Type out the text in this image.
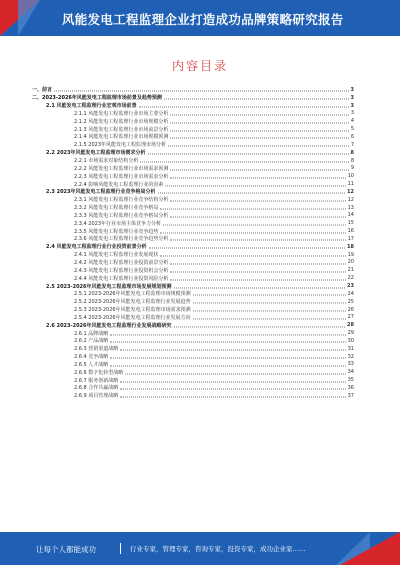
风能发电工程监理企业打造成功品牌策略研究报告
内容目录
一、前言	3
二、2023-2026年风能发电工程监理市场前景及趋势预测	3
2.1 风能发电工程监理行业宏观市场前景	3
2.1.1 风能发电工程监理行业市场主要分析	3
2.1.2 风能发电工程监理行业市场规模分析	4
2.1.3 风能发电工程监理行业市场前景分析	5
2.1.4 风能发电工程监理行业市场规模预测	6
2.1.5 2023年风能发电工程监理市场分析	7
2.2 2023年风能发电工程监理市场需求分析	8
2.2.1 市场需求对象结构分析	8
2.2.2 风能发电工程监理行业市场需求预测	9
2.2.3 风能发电工程监理行业市场需求分析	10
2.2.4 影响风能发电工程监理行业的因素	11
2.3 2023年风能发电工程监理行业竞争格局分析	12
2.3.1 风能发电工程监理行业竞争结构分析	12
2.3.2 风能发电工程监理行业竞争格局	13
2.3.3 风能发电工程监理行业竞争格局分析	14
2.3.4 2023年行业市场主体竞争力分析	15
2.3.5 风能发电工程监理行业竞争趋势	16
2.3.6 风能发电工程监理行业竞争趋势分析	17
2.4 风能发电工程监理行业行业投资前景分析	18
2.4.1 风能发电工程监理行业发展现状	19
2.4.2 风能发电工程监理行业投资前景分析	20
2.4.3 风能发电工程监理行业投资机会分析	21
2.4.4 风能发电工程监理行业投资风险分析	22
2.5 2023-2026年风能发电工程监理市场发展规划预测	23
2.5.1 2023-2026年风能发电工程监理市场规模预测	24
2.5.2 2023-2026年风能发电工程监理行业发展趋势	25
2.5.3 2023-2026年风能发电工程监理市场需求预测	26
2.5.4 2023-2026年风能发电工程监理行业发展方向	27
2.6 2023-2026年风能发电工程监理行业发展战略研究	28
2.6.1 品牌战略	29
2.6.2 产品战略	30
2.6.3 营销渠道战略	31
2.6.4 竞争战略	32
2.6.5 人才战略	33
2.6.6 数字化转型战略	34
2.6.7 服务创新战略	35
2.6.8 合作共赢战略	36
2.6.9 项目管理战略	37
让每个人都能成功	行业专家，管理专家，咨询专家，投资专家，成功企业家……
